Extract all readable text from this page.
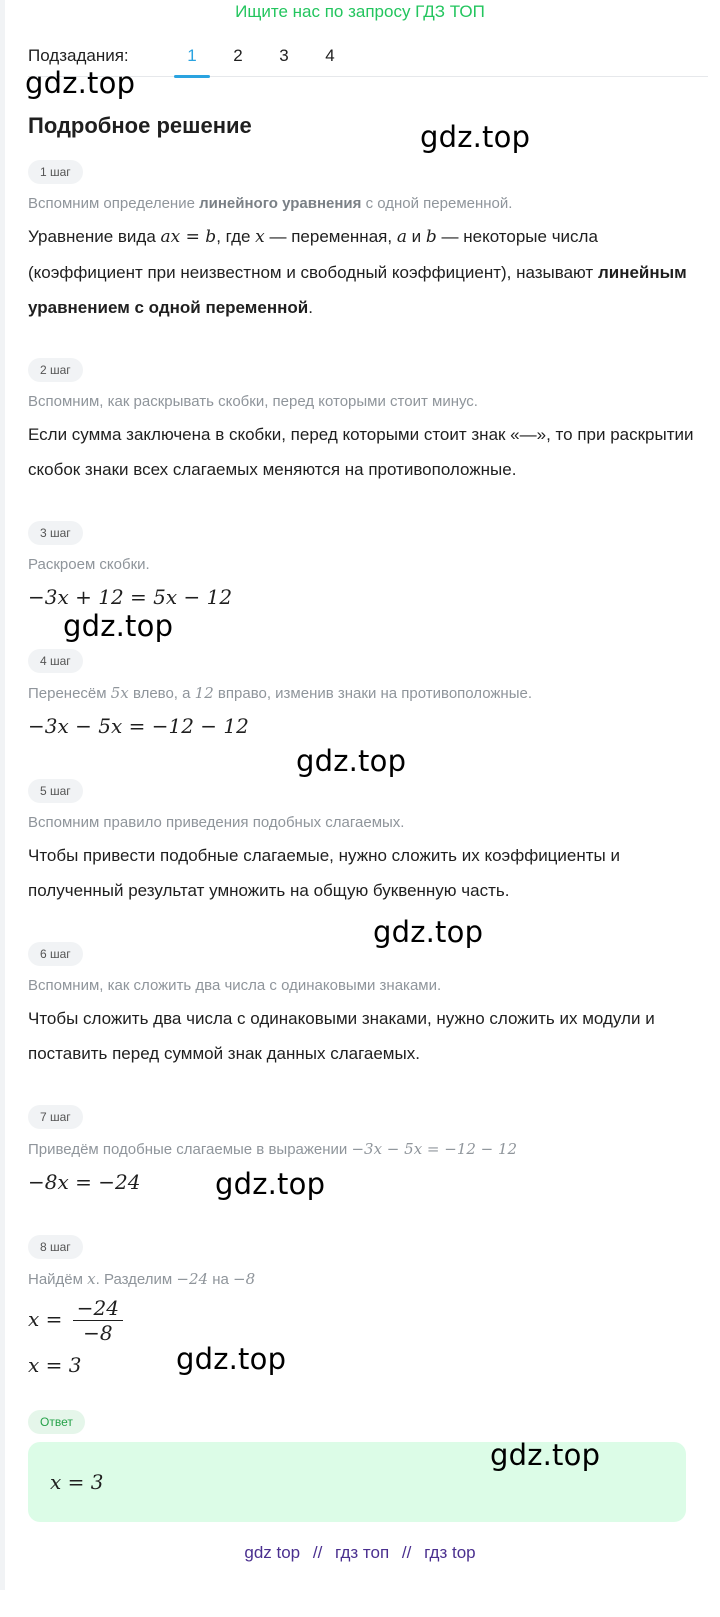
Ищите нас по запросу ГДЗ ТОП
Подзадания:	1	2	3	4
Подробное решение
1 шаг
Вспомним определение линейного уравнения с одной переменной.
Уравнение вида ax = b, где x — переменная, a и b — некоторые числа (коэффициент при неизвестном и свободный коэффициент), называют линейным уравнением с одной переменной.
2 шаг
Вспомним, как раскрывать скобки, перед которыми стоит минус.
Если сумма заключена в скобки, перед которыми стоит знак «—», то при раскрытии скобок знаки всех слагаемых меняются на противоположные.
3 шаг
Раскроем скобки.
−3x + 12 = 5x − 12
4 шаг
Перенесём 5x влево, а 12 вправо, изменив знаки на противоположные.
−3x − 5x = −12 − 12
5 шаг
Вспомним правило приведения подобных слагаемых.
Чтобы привести подобные слагаемые, нужно сложить их коэффициенты и полученный результат умножить на общую буквенную часть.
6 шаг
Вспомним, как сложить два числа с одинаковыми знаками.
Чтобы сложить два числа с одинаковыми знаками, нужно сложить их модули и поставить перед суммой знак данных слагаемых.
7 шаг
Приведём подобные слагаемые в выражении −3x − 5x = −12 − 12
−8x = −24
8 шаг
Найдём x. Разделим −24 на −8
$x = \frac{-24}{-8}$
x = 3
Ответ
x = 3
gdz.top
gdz.top
gdz.top
gdz.top
gdz.top
gdz.top
gdz.top
gdz.top
gdz top // гдз топ // гдз top
